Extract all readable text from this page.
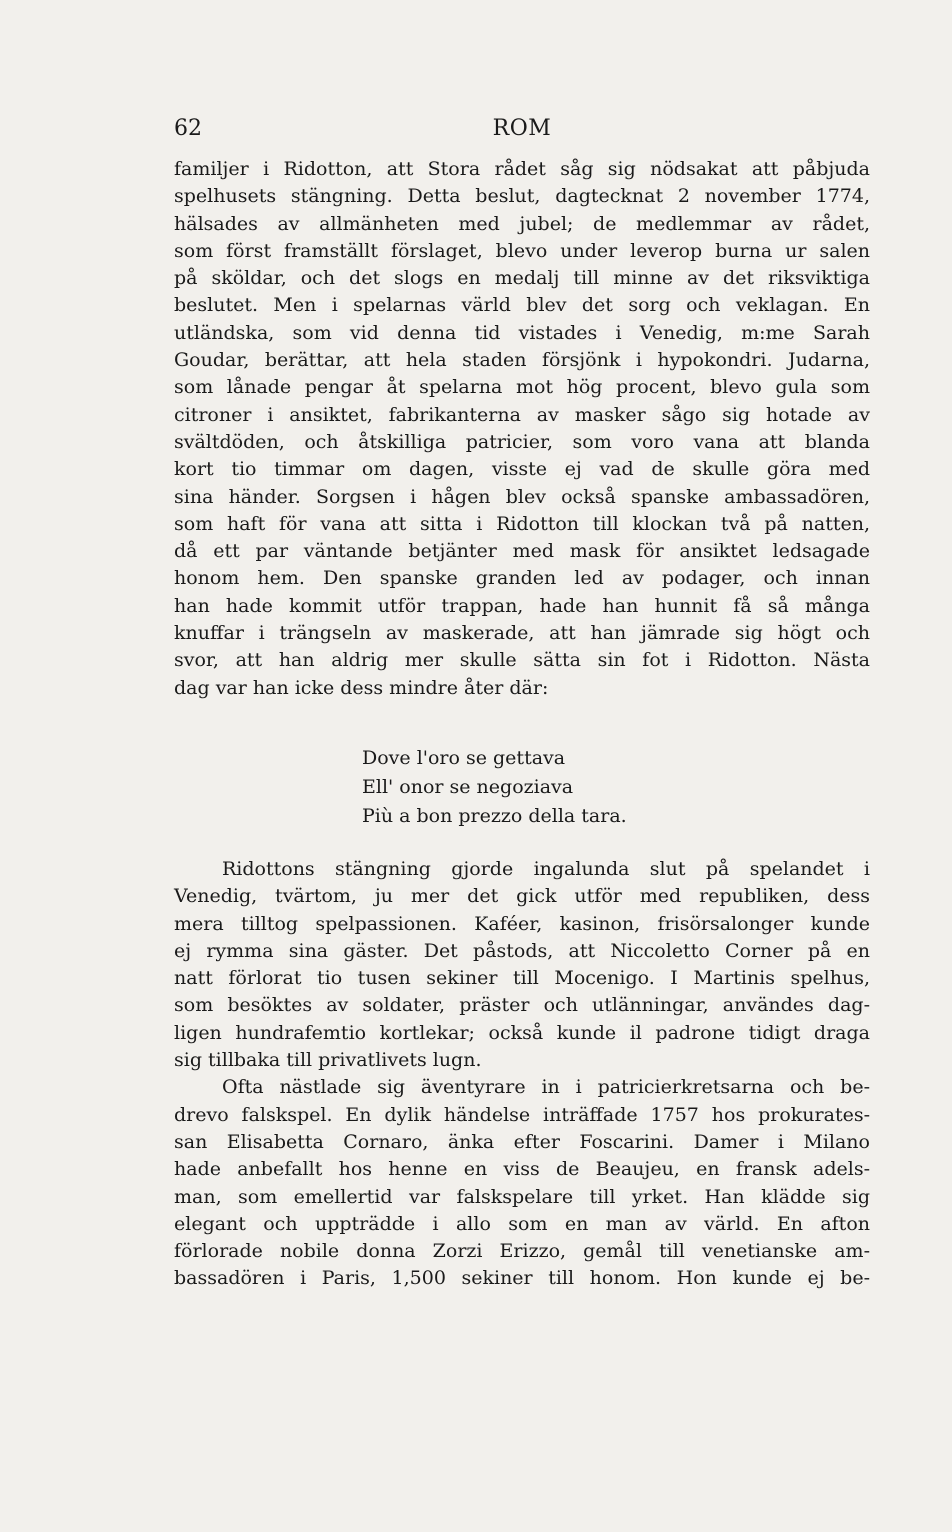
62	ROM
familjer i Ridotton, att Stora rådet såg sig nödsakat att påbjuda
spelhusets stängning. Detta beslut, dagtecknat 2 november 1774,
hälsades av allmänheten med jubel; de medlemmar av rådet,
som först framställt förslaget, blevo under leverop burna ur salen
på sköldar, och det slogs en medalj till minne av det riksviktiga
beslutet. Men i spelarnas värld blev det sorg och veklagan. En
utländska, som vid denna tid vistades i Venedig, m:me Sarah
Goudar, berättar, att hela staden försjönk i hypokondri. Judarna,
som lånade pengar åt spelarna mot hög procent, blevo gula som
citroner i ansiktet, fabrikanterna av masker sågo sig hotade av
svältdöden, och åtskilliga patricier, som voro vana att blanda
kort tio timmar om dagen, visste ej vad de skulle göra med
sina händer. Sorgsen i hågen blev också spanske ambassadören,
som haft för vana att sitta i Ridotton till klockan två på natten,
då ett par väntande betjänter med mask för ansiktet ledsagade
honom hem. Den spanske granden led av podager, och innan
han hade kommit utför trappan, hade han hunnit få så många
knuffar i trängseln av maskerade, att han jämrade sig högt och
svor, att han aldrig mer skulle sätta sin fot i Ridotton. Nästa
dag var han icke dess mindre åter där:
Dove l'oro se gettava
Ell' onor se negoziava
Più a bon prezzo della tara.
Ridottons stängning gjorde ingalunda slut på spelandet i
Venedig, tvärtom, ju mer det gick utför med republiken, dess
mera tilltog spelpassionen. Kaféer, kasinon, frisörsalonger kunde
ej rymma sina gäster. Det påstods, att Niccoletto Corner på en
natt förlorat tio tusen sekiner till Mocenigo. I Martinis spelhus,
som besöktes av soldater, präster och utlänningar, användes dag-
ligen hundrafemtio kortlekar; också kunde il padrone tidigt draga
sig tillbaka till privatlivets lugn.
Ofta nästlade sig äventyrare in i patricierkretsarna och be-
drevo falskspel. En dylik händelse inträffade 1757 hos prokurates-
san Elisabetta Cornaro, änka efter Foscarini. Damer i Milano
hade anbefallt hos henne en viss de Beaujeu, en fransk adels-
man, som emellertid var falskspelare till yrket. Han klädde sig
elegant och uppträdde i allo som en man av värld. En afton
förlorade nobile donna Zorzi Erizzo, gemål till venetianske am-
bassadören i Paris, 1,500 sekiner till honom. Hon kunde ej be-
